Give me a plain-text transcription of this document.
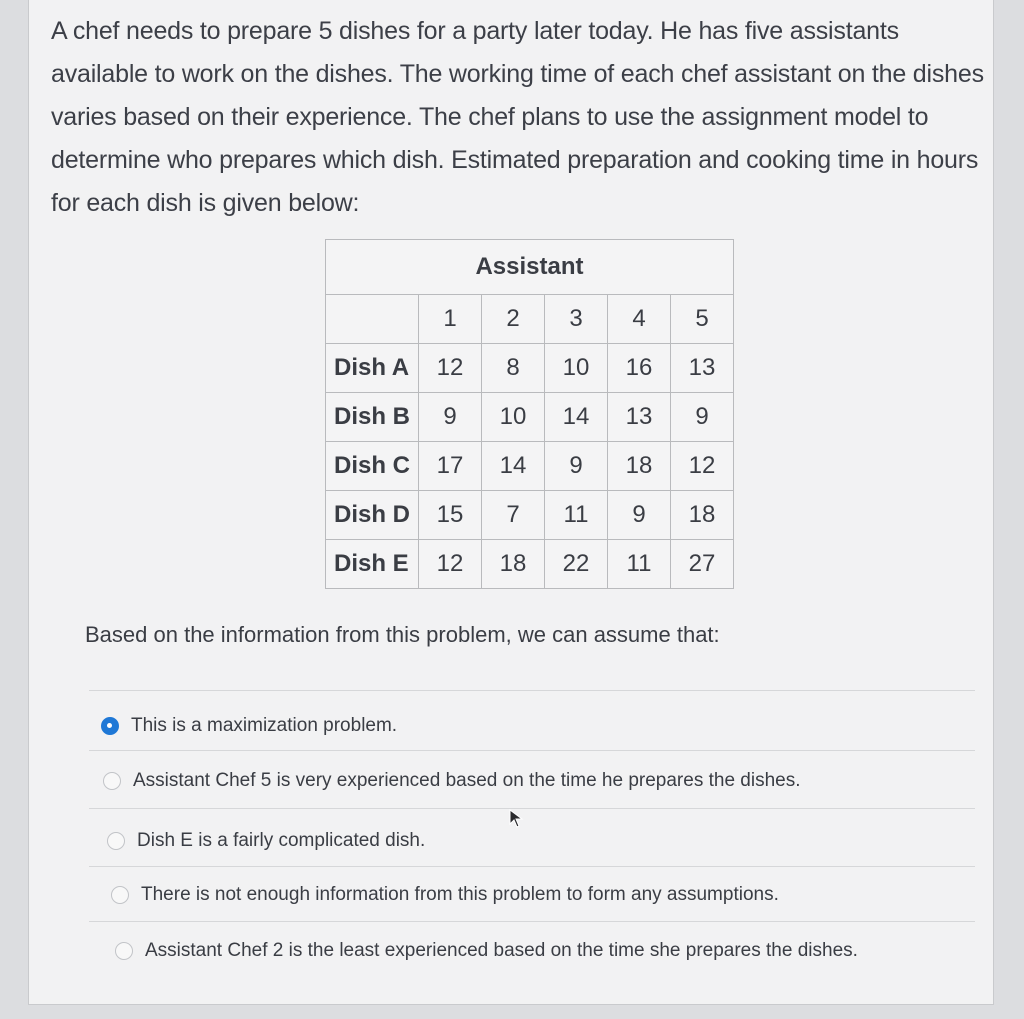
A chef needs to prepare 5 dishes for a party later today. He has five assistants available to work on the dishes. The working time of each chef assistant on the dishes varies based on their experience. The chef plans to use the assignment model to determine who prepares which dish. Estimated preparation and cooking time in hours for each dish is given below:
Assistant					
	1	2	3	4	5
Dish A	12	8	10	16	13
Dish B	9	10	14	13	9
Dish C	17	14	9	18	12
Dish D	15	7	11	9	18
Dish E	12	18	22	11	27
Based on the information from this problem, we can assume that:
This is a maximization problem.
Assistant Chef 5 is very experienced based on the time he prepares the dishes.
Dish E is a fairly complicated dish.
There is not enough information from this problem to form any assumptions.
Assistant Chef 2 is the least experienced based on the time she prepares the dishes.
